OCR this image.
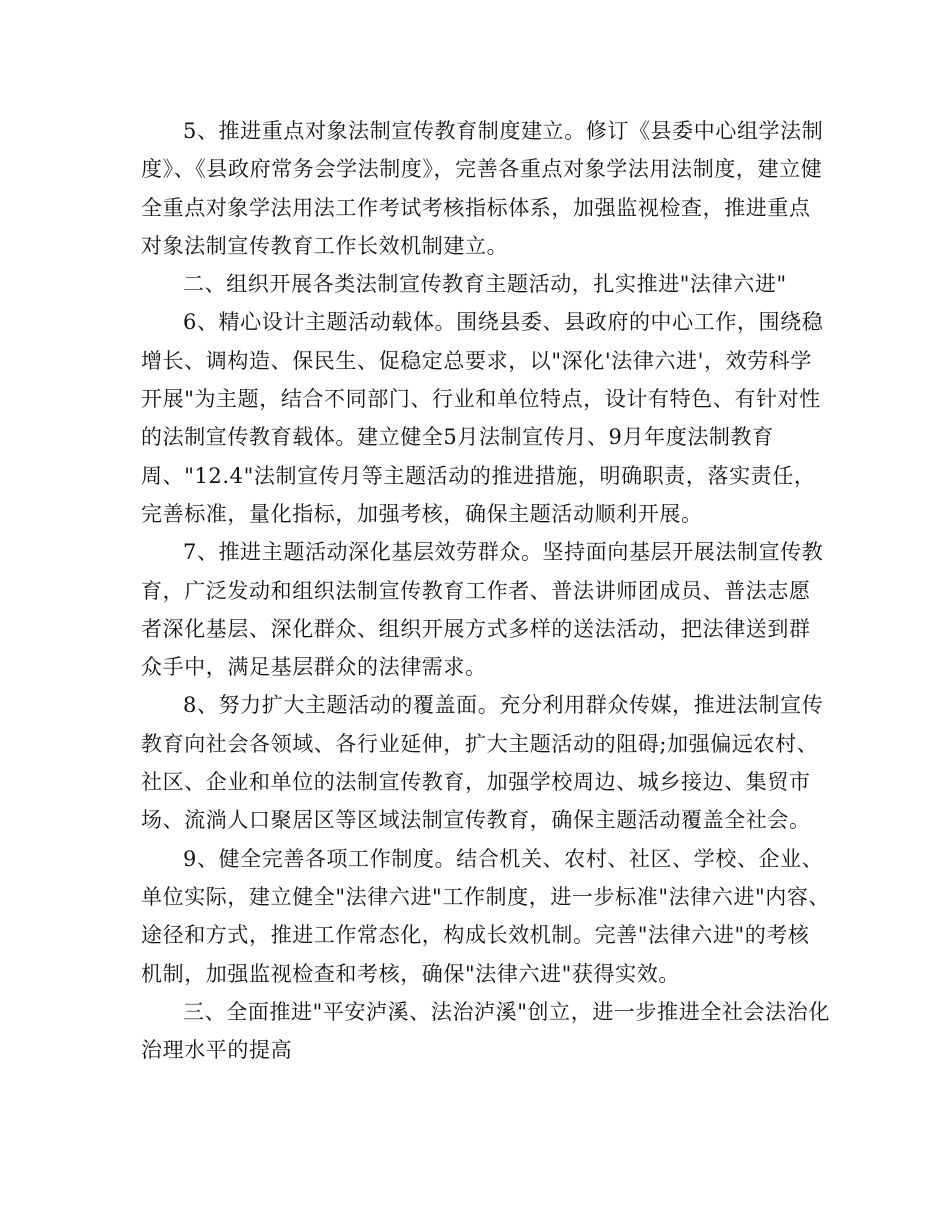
5、推进重点对象法制宣传教育制度建立。修订《县委中心组学法制度》、《县政府常务会学法制度》，完善各重点对象学法用法制度，建立健全重点对象学法用法工作考试考核指标体系，加强监视检查，推进重点对象法制宣传教育工作长效机制建立。

二、组织开展各类法制宣传教育主题活动，扎实推进"法律六进"

6、精心设计主题活动载体。围绕县委、县政府的中心工作，围绕稳增长、调构造、保民生、促稳定总要求，以"深化'法律六进'，效劳科学开展"为主题，结合不同部门、行业和单位特点，设计有特色、有针对性的法制宣传教育载体。建立健全5月法制宣传月、9月年度法制教育周、"12.4"法制宣传月等主题活动的推进措施，明确职责，落实责任，完善标准，量化指标，加强考核，确保主题活动顺利开展。

7、推进主题活动深化基层效劳群众。坚持面向基层开展法制宣传教育，广泛发动和组织法制宣传教育工作者、普法讲师团成员、普法志愿者深化基层、深化群众、组织开展方式多样的送法活动，把法律送到群众手中，满足基层群众的法律需求。

8、努力扩大主题活动的覆盖面。充分利用群众传媒，推进法制宣传教育向社会各领域、各行业延伸，扩大主题活动的阻碍;加强偏远农村、社区、企业和单位的法制宣传教育，加强学校周边、城乡接边、集贸市场、流淌人口聚居区等区域法制宣传教育，确保主题活动覆盖全社会。

9、健全完善各项工作制度。结合机关、农村、社区、学校、企业、单位实际，建立健全"法律六进"工作制度，进一步标准"法律六进"内容、途径和方式，推进工作常态化，构成长效机制。完善"法律六进"的考核机制，加强监视检查和考核，确保"法律六进"获得实效。

三、全面推进"平安泸溪、法治泸溪"创立，进一步推进全社会法治化治理水平的提高
